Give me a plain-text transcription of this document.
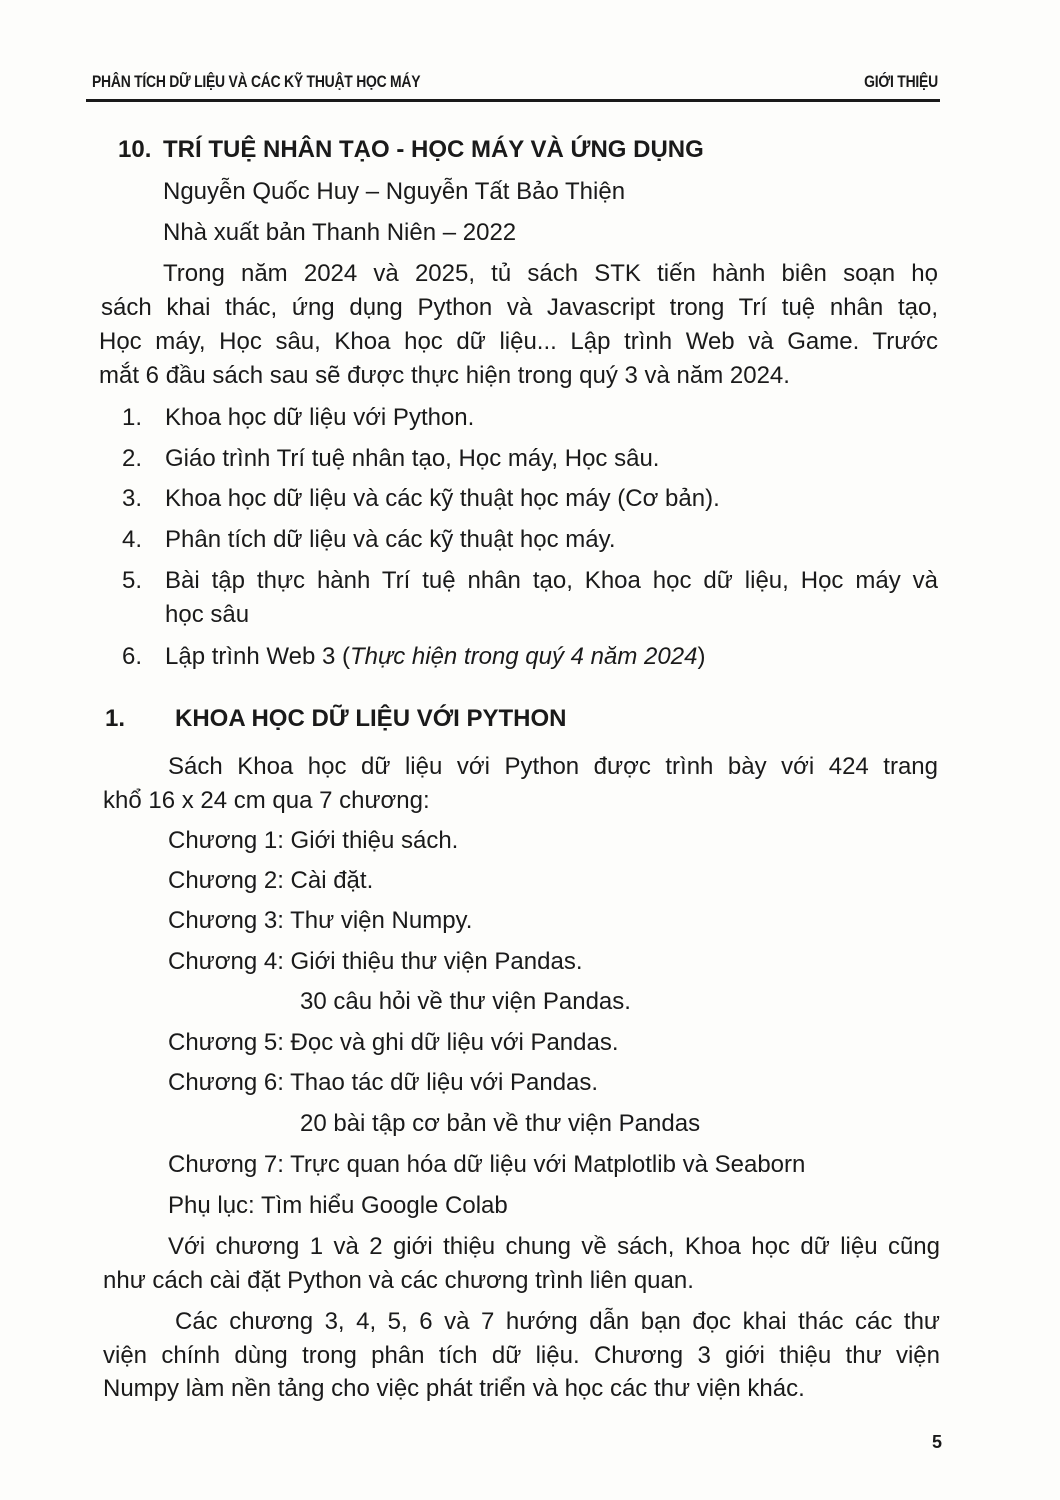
PHÂN TÍCH DỮ LIỆU VÀ CÁC KỸ THUẬT HỌC MÁY	GIỚI THIỆU
10. TRÍ TUỆ NHÂN TẠO - HỌC MÁY VÀ ỨNG DỤNG
Nguyễn Quốc Huy – Nguyễn Tất Bảo Thiện
Nhà xuất bản Thanh Niên – 2022
Trong năm 2024 và 2025, tủ sách STK tiến hành biên soạn họ
sách khai thác, ứng dụng Python và Javascript trong Trí tuệ nhân tạo,
Học máy, Học sâu, Khoa học dữ liệu... Lập trình Web và Game. Trước
mắt 6 đầu sách sau sẽ được thực hiện trong quý 3 và năm 2024.
1. Khoa học dữ liệu với Python.
2. Giáo trình Trí tuệ nhân tạo, Học máy, Học sâu.
3. Khoa học dữ liệu và các kỹ thuật học máy (Cơ bản).
4. Phân tích dữ liệu và các kỹ thuật học máy.
5. Bài tập thực hành Trí tuệ nhân tạo, Khoa học dữ liệu, Học máy và
học sâu
6. Lập trình Web 3 (Thực hiện trong quý 4 năm 2024)
1. KHOA HỌC DỮ LIỆU VỚI PYTHON
Sách Khoa học dữ liệu với Python được trình bày với 424 trang
khổ 16 x 24 cm qua 7 chương:
Chương 1: Giới thiệu sách.
Chương 2: Cài đặt.
Chương 3: Thư viện Numpy.
Chương 4: Giới thiệu thư viện Pandas.
30 câu hỏi về thư viện Pandas.
Chương 5: Đọc và ghi dữ liệu với Pandas.
Chương 6: Thao tác dữ liệu với Pandas.
20 bài tập cơ bản về thư viện Pandas
Chương 7: Trực quan hóa dữ liệu với Matplotlib và Seaborn
Phụ lục: Tìm hiểu Google Colab
Với chương 1 và 2 giới thiệu chung về sách, Khoa học dữ liệu cũng
như cách cài đặt Python và các chương trình liên quan.
Các chương 3, 4, 5, 6 và 7 hướng dẫn bạn đọc khai thác các thư
viện chính dùng trong phân tích dữ liệu. Chương 3 giới thiệu thư viện
Numpy làm nền tảng cho việc phát triển và học các thư viện khác.
5
